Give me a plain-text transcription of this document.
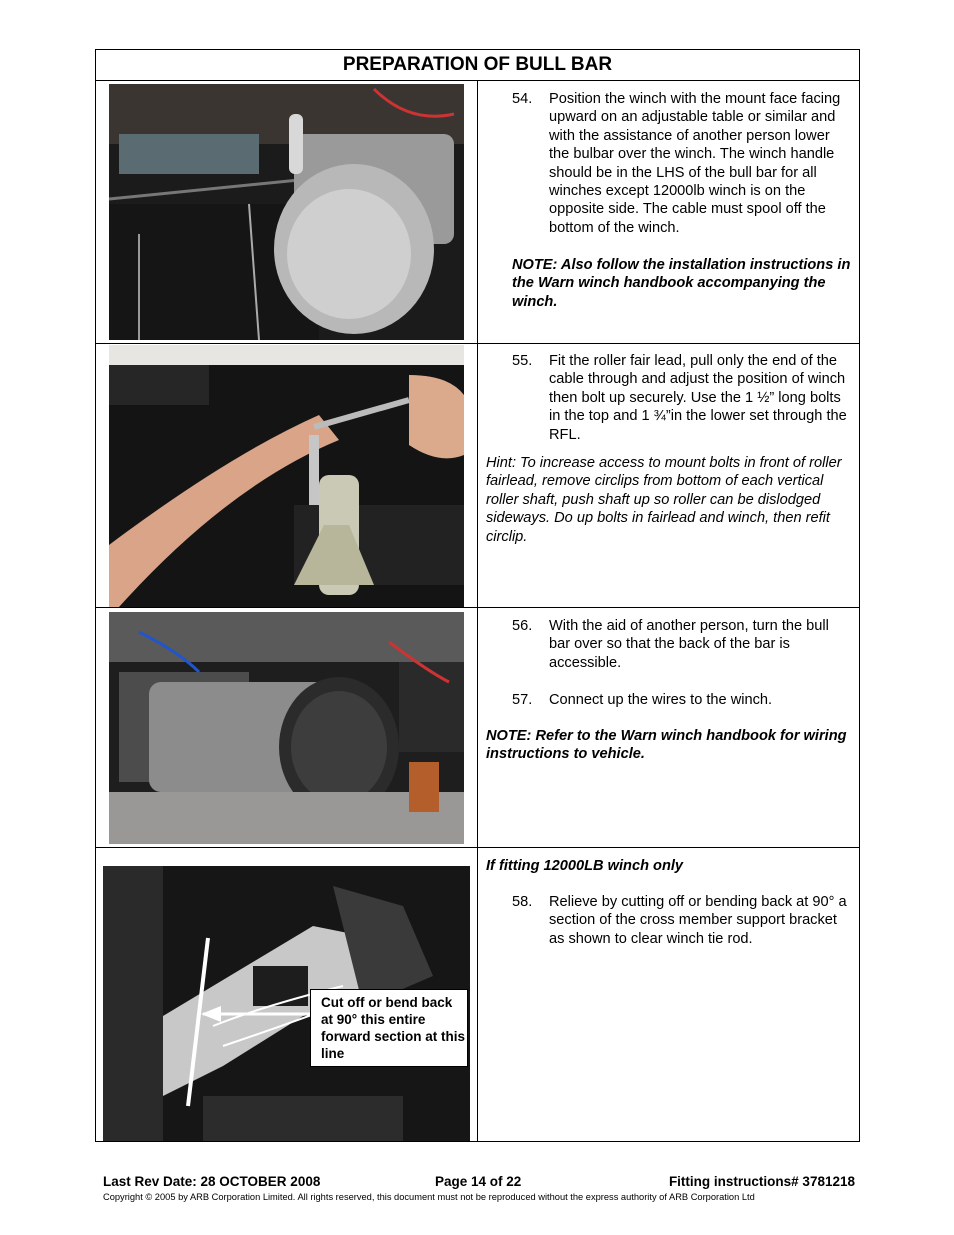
PREPARATION OF BULL BAR
54. Position the winch with the mount face facing upward on an adjustable table or similar and with the assistance of another person lower the bulbar over the winch. The winch handle should be in the LHS of the bull bar for all winches except 12000lb winch is on the opposite side. The cable must spool off the bottom of the winch.
NOTE: Also follow the installation instructions in the Warn winch handbook accompanying the winch.
55. Fit the roller fair lead, pull only the end of the cable through and adjust the position of winch then bolt up securely. Use the 1 ½” long bolts in the top and 1 ¾”in the lower set through the RFL.
Hint: To increase access to mount bolts in front of roller fairlead, remove circlips from bottom of each vertical roller shaft, push shaft up so roller can be dislodged sideways. Do up bolts in fairlead and winch, then refit circlip.
56. With the aid of another person, turn the bull bar over so that the back of the bar is accessible.
57. Connect up the wires to the winch.
NOTE: Refer to the Warn winch handbook for wiring instructions to vehicle.
Cut off or bend back at 90° this entire forward section at this line
If fitting 12000LB winch only
58. Relieve by cutting off or bending back at 90° a section of the cross member support bracket as shown to clear winch tie rod.
Last Rev Date: 28 OCTOBER 2008	Page 14 of 22	Fitting instructions# 3781218
Copyright © 2005 by ARB Corporation Limited. All rights reserved, this document must not be reproduced without the express authority of ARB Corporation Ltd
